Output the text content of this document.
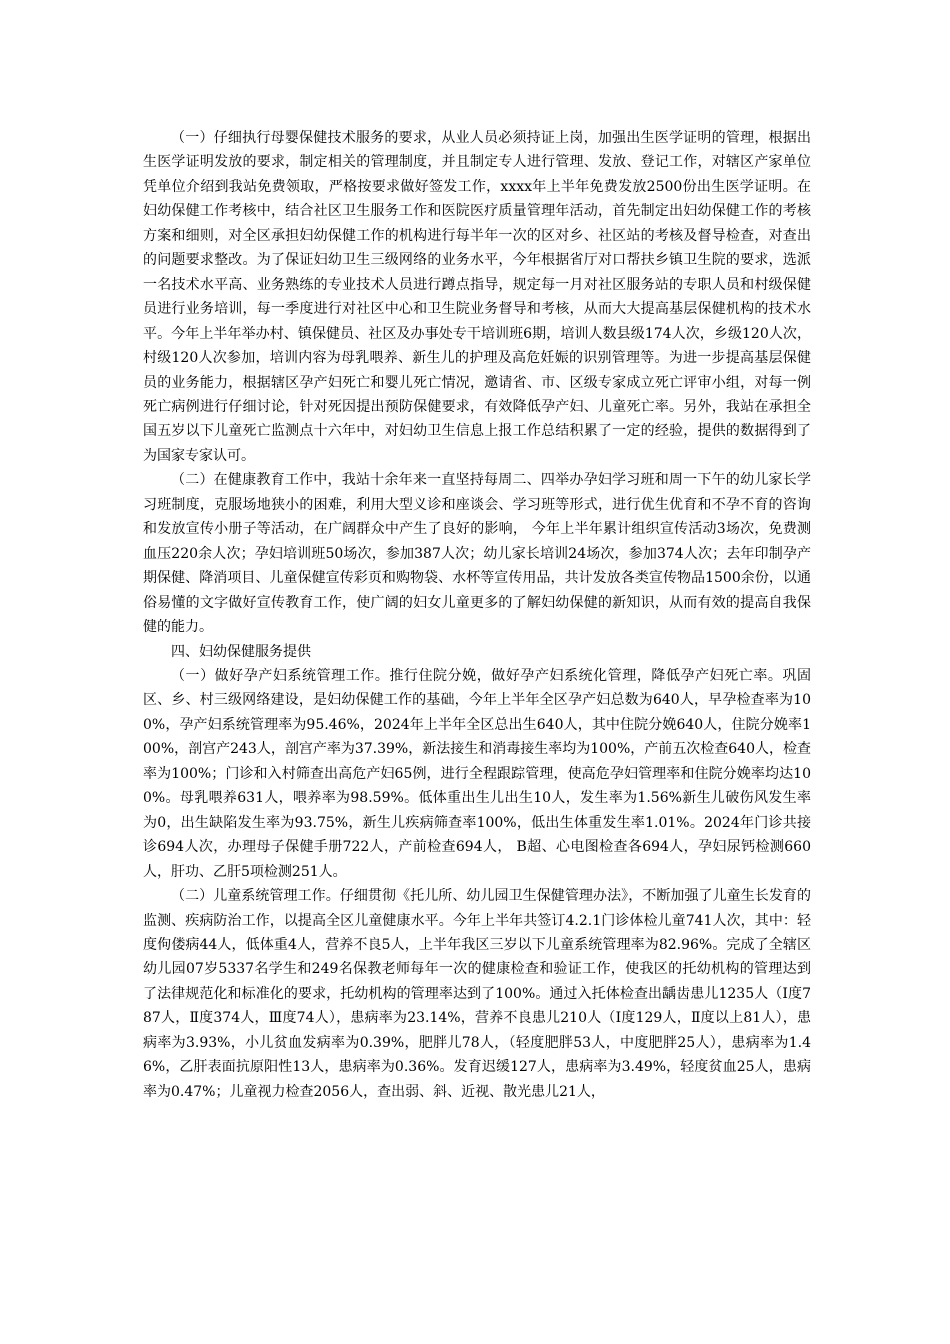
（一）仔细执行母婴保健技术服务的要求，从业人员必须持证上岗，加强出生医学证明的管理，根据出生医学证明发放的要求，制定相关的管理制度，并且制定专人进行管理、发放、登记工作，对辖区产家单位凭单位介绍到我站免费领取，严格按要求做好签发工作，xxxx年上半年免费发放2500份出生医学证明。在妇幼保健工作考核中，结合社区卫生服务工作和医院医疗质量管理年活动，首先制定出妇幼保健工作的考核方案和细则，对全区承担妇幼保健工作的机构进行每半年一次的区对乡、社区站的考核及督导检查，对查出的问题要求整改。为了保证妇幼卫生三级网络的业务水平，今年根据省厅对口帮扶乡镇卫生院的要求，选派一名技术水平高、业务熟练的专业技术人员进行蹲点指导，规定每一月对社区服务站的专职人员和村级保健员进行业务培训，每一季度进行对社区中心和卫生院业务督导和考核，从而大大提高基层保健机构的技术水平。今年上半年举办村、镇保健员、社区及办事处专干培训班6期，培训人数县级174人次，乡级120人次，村级120人次参加，培训内容为母乳喂养、新生儿的护理及高危妊娠的识别管理等。为进一步提高基层保健员的业务能力，根据辖区孕产妇死亡和婴儿死亡情况，邀请省、市、区级专家成立死亡评审小组，对每一例死亡病例进行仔细讨论，针对死因提出预防保健要求，有效降低孕产妇、儿童死亡率。另外，我站在承担全国五岁以下儿童死亡监测点十六年中，对妇幼卫生信息上报工作总结积累了一定的经验，提供的数据得到了为国家专家认可。

（二）在健康教育工作中，我站十余年来一直坚持每周二、四举办孕妇学习班和周一下午的幼儿家长学习班制度，克服场地狭小的困难，利用大型义诊和座谈会、学习班等形式，进行优生优育和不孕不育的咨询和发放宣传小册子等活动，在广阔群众中产生了良好的影响， 今年上半年累计组织宣传活动3场次，免费测血压220余人次；孕妇培训班50场次，参加387人次；幼儿家长培训24场次，参加374人次；去年印制孕产期保健、降消项目、儿童保健宣传彩页和购物袋、水杯等宣传用品，共计发放各类宣传物品1500余份，以通俗易懂的文字做好宣传教育工作，使广阔的妇女儿童更多的了解妇幼保健的新知识，从而有效的提高自我保健的能力。

四、妇幼保健服务提供

（一）做好孕产妇系统管理工作。推行住院分娩，做好孕产妇系统化管理，降低孕产妇死亡率。巩固区、乡、村三级网络建设，是妇幼保健工作的基础，今年上半年全区孕产妇总数为640人，早孕检查率为100%，孕产妇系统管理率为95.46%，2024年上半年全区总出生640人，其中住院分娩640人，住院分娩率100%，剖宫产243人，剖宫产率为37.39%，新法接生和消毒接生率均为100%，产前五次检查640人，检查率为100%；门诊和入村筛查出高危产妇65例，进行全程跟踪管理，使高危孕妇管理率和住院分娩率均达100%。母乳喂养631人，喂养率为98.59%。低体重出生儿出生10人，发生率为1.56%新生儿破伤风发生率为0，出生缺陷发生率为93.75%，新生儿疾病筛查率100%，低出生体重发生率1.01%。2024年门诊共接诊694人次，办理母子保健手册722人，产前检查694人， B超、心电图检查各694人，孕妇尿钙检测660人，肝功、乙肝5项检测251人。

（二）儿童系统管理工作。仔细贯彻《托儿所、幼儿园卫生保健管理办法》，不断加强了儿童生长发育的监测、疾病防治工作，以提高全区儿童健康水平。今年上半年共签订4.2.1门诊体检儿童741人次，其中：轻度佝偻病44人，低体重4人，营养不良5人，上半年我区三岁以下儿童系统管理率为82.96%。完成了全辖区幼儿园07岁5337名学生和249名保教老师每年一次的健康检查和验证工作，使我区的托幼机构的管理达到了法律规范化和标准化的要求，托幼机构的管理率达到了100%。通过入托体检查出龋齿患儿1235人（Ⅰ度787人，Ⅱ度374人，Ⅲ度74人），患病率为23.14%，营养不良患儿210人（Ⅰ度129人，Ⅱ度以上81人），患病率为3.93%，小儿贫血发病率为0.39%，肥胖儿78人，（轻度肥胖53人，中度肥胖25人），患病率为1.46%，乙肝表面抗原阳性13人，患病率为0.36%。发育迟缓127人，患病率为3.49%，轻度贫血25人，患病率为0.47%；儿童视力检查2056人，查出弱、斜、近视、散光患儿21人，
